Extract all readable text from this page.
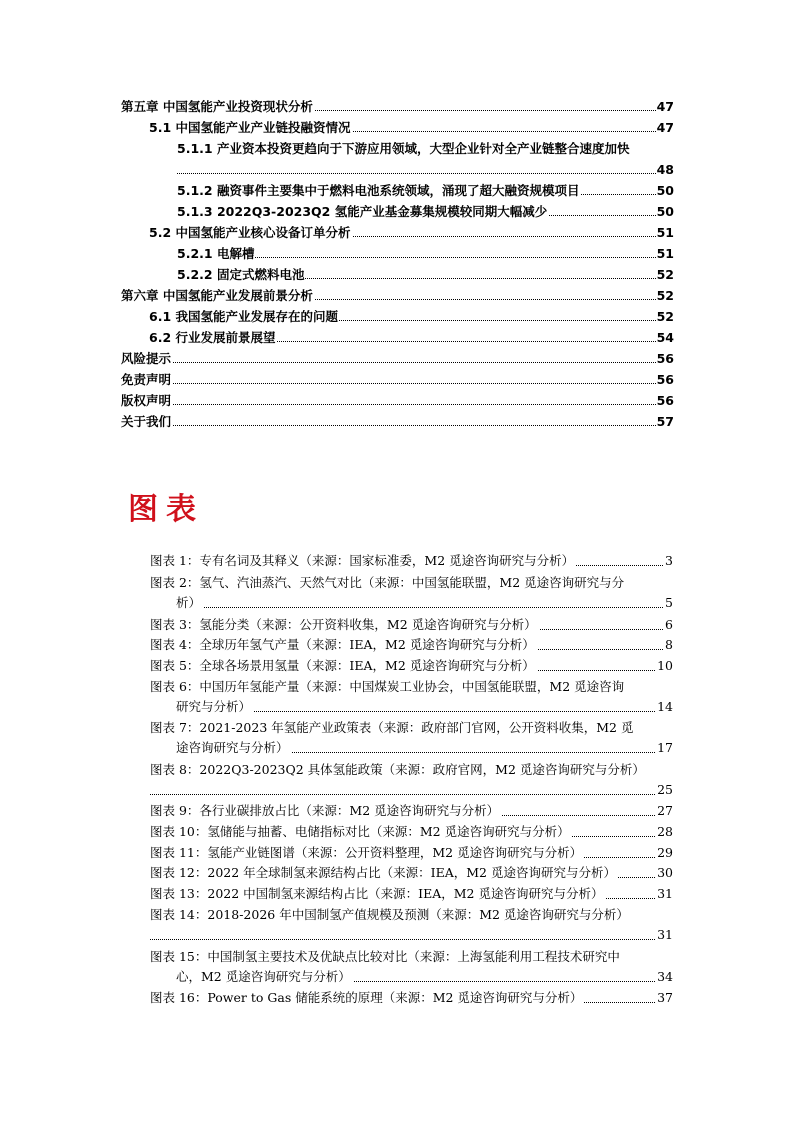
第五章 中国氢能产业投资现状分析	47
5.1 中国氢能产业产业链投融资情况	47
5.1.1 产业资本投资更趋向于下游应用领域，大型企业针对全产业链整合速度加快
48
5.1.2 融资事件主要集中于燃料电池系统领域，涌现了超大融资规模项目	50
5.1.3 2022Q3-2023Q2 氢能产业基金募集规模较同期大幅减少	50
5.2 中国氢能产业核心设备订单分析	51
5.2.1 电解槽	51
5.2.2 固定式燃料电池	52
第六章 中国氢能产业发展前景分析	52
6.1 我国氢能产业发展存在的问题	52
6.2 行业发展前景展望	54
风险提示	56
免责声明	56
版权声明	56
关于我们	57
图表
图表 1：专有名词及其释义（来源：国家标准委，M2 觅途咨询研究与分析）	3
图表 2：氢气、汽油蒸汽、天然气对比（来源：中国氢能联盟，M2 觅途咨询研究与分
析）	5
图表 3：氢能分类（来源：公开资料收集，M2 觅途咨询研究与分析）	6
图表 4：全球历年氢气产量（来源：IEA，M2 觅途咨询研究与分析）	8
图表 5：全球各场景用氢量（来源：IEA，M2 觅途咨询研究与分析）	10
图表 6：中国历年氢能产量（来源：中国煤炭工业协会，中国氢能联盟，M2 觅途咨询
研究与分析）	14
图表 7：2021-2023 年氢能产业政策表（来源：政府部门官网，公开资料收集，M2 觅
途咨询研究与分析）	17
图表 8：2022Q3-2023Q2 具体氢能政策（来源：政府官网，M2 觅途咨询研究与分析）
25
图表 9：各行业碳排放占比（来源：M2 觅途咨询研究与分析）	27
图表 10：氢储能与抽蓄、电储指标对比（来源：M2 觅途咨询研究与分析）	28
图表 11：氢能产业链图谱（来源：公开资料整理，M2 觅途咨询研究与分析）	29
图表 12：2022 年全球制氢来源结构占比（来源：IEA，M2 觅途咨询研究与分析）	30
图表 13：2022 中国制氢来源结构占比（来源：IEA，M2 觅途咨询研究与分析）	31
图表 14：2018-2026 年中国制氢产值规模及预测（来源：M2 觅途咨询研究与分析）
31
图表 15：中国制氢主要技术及优缺点比较对比（来源：上海氢能利用工程技术研究中
心，M2 觅途咨询研究与分析）	34
图表 16：Power to Gas 储能系统的原理（来源：M2 觅途咨询研究与分析）	37
